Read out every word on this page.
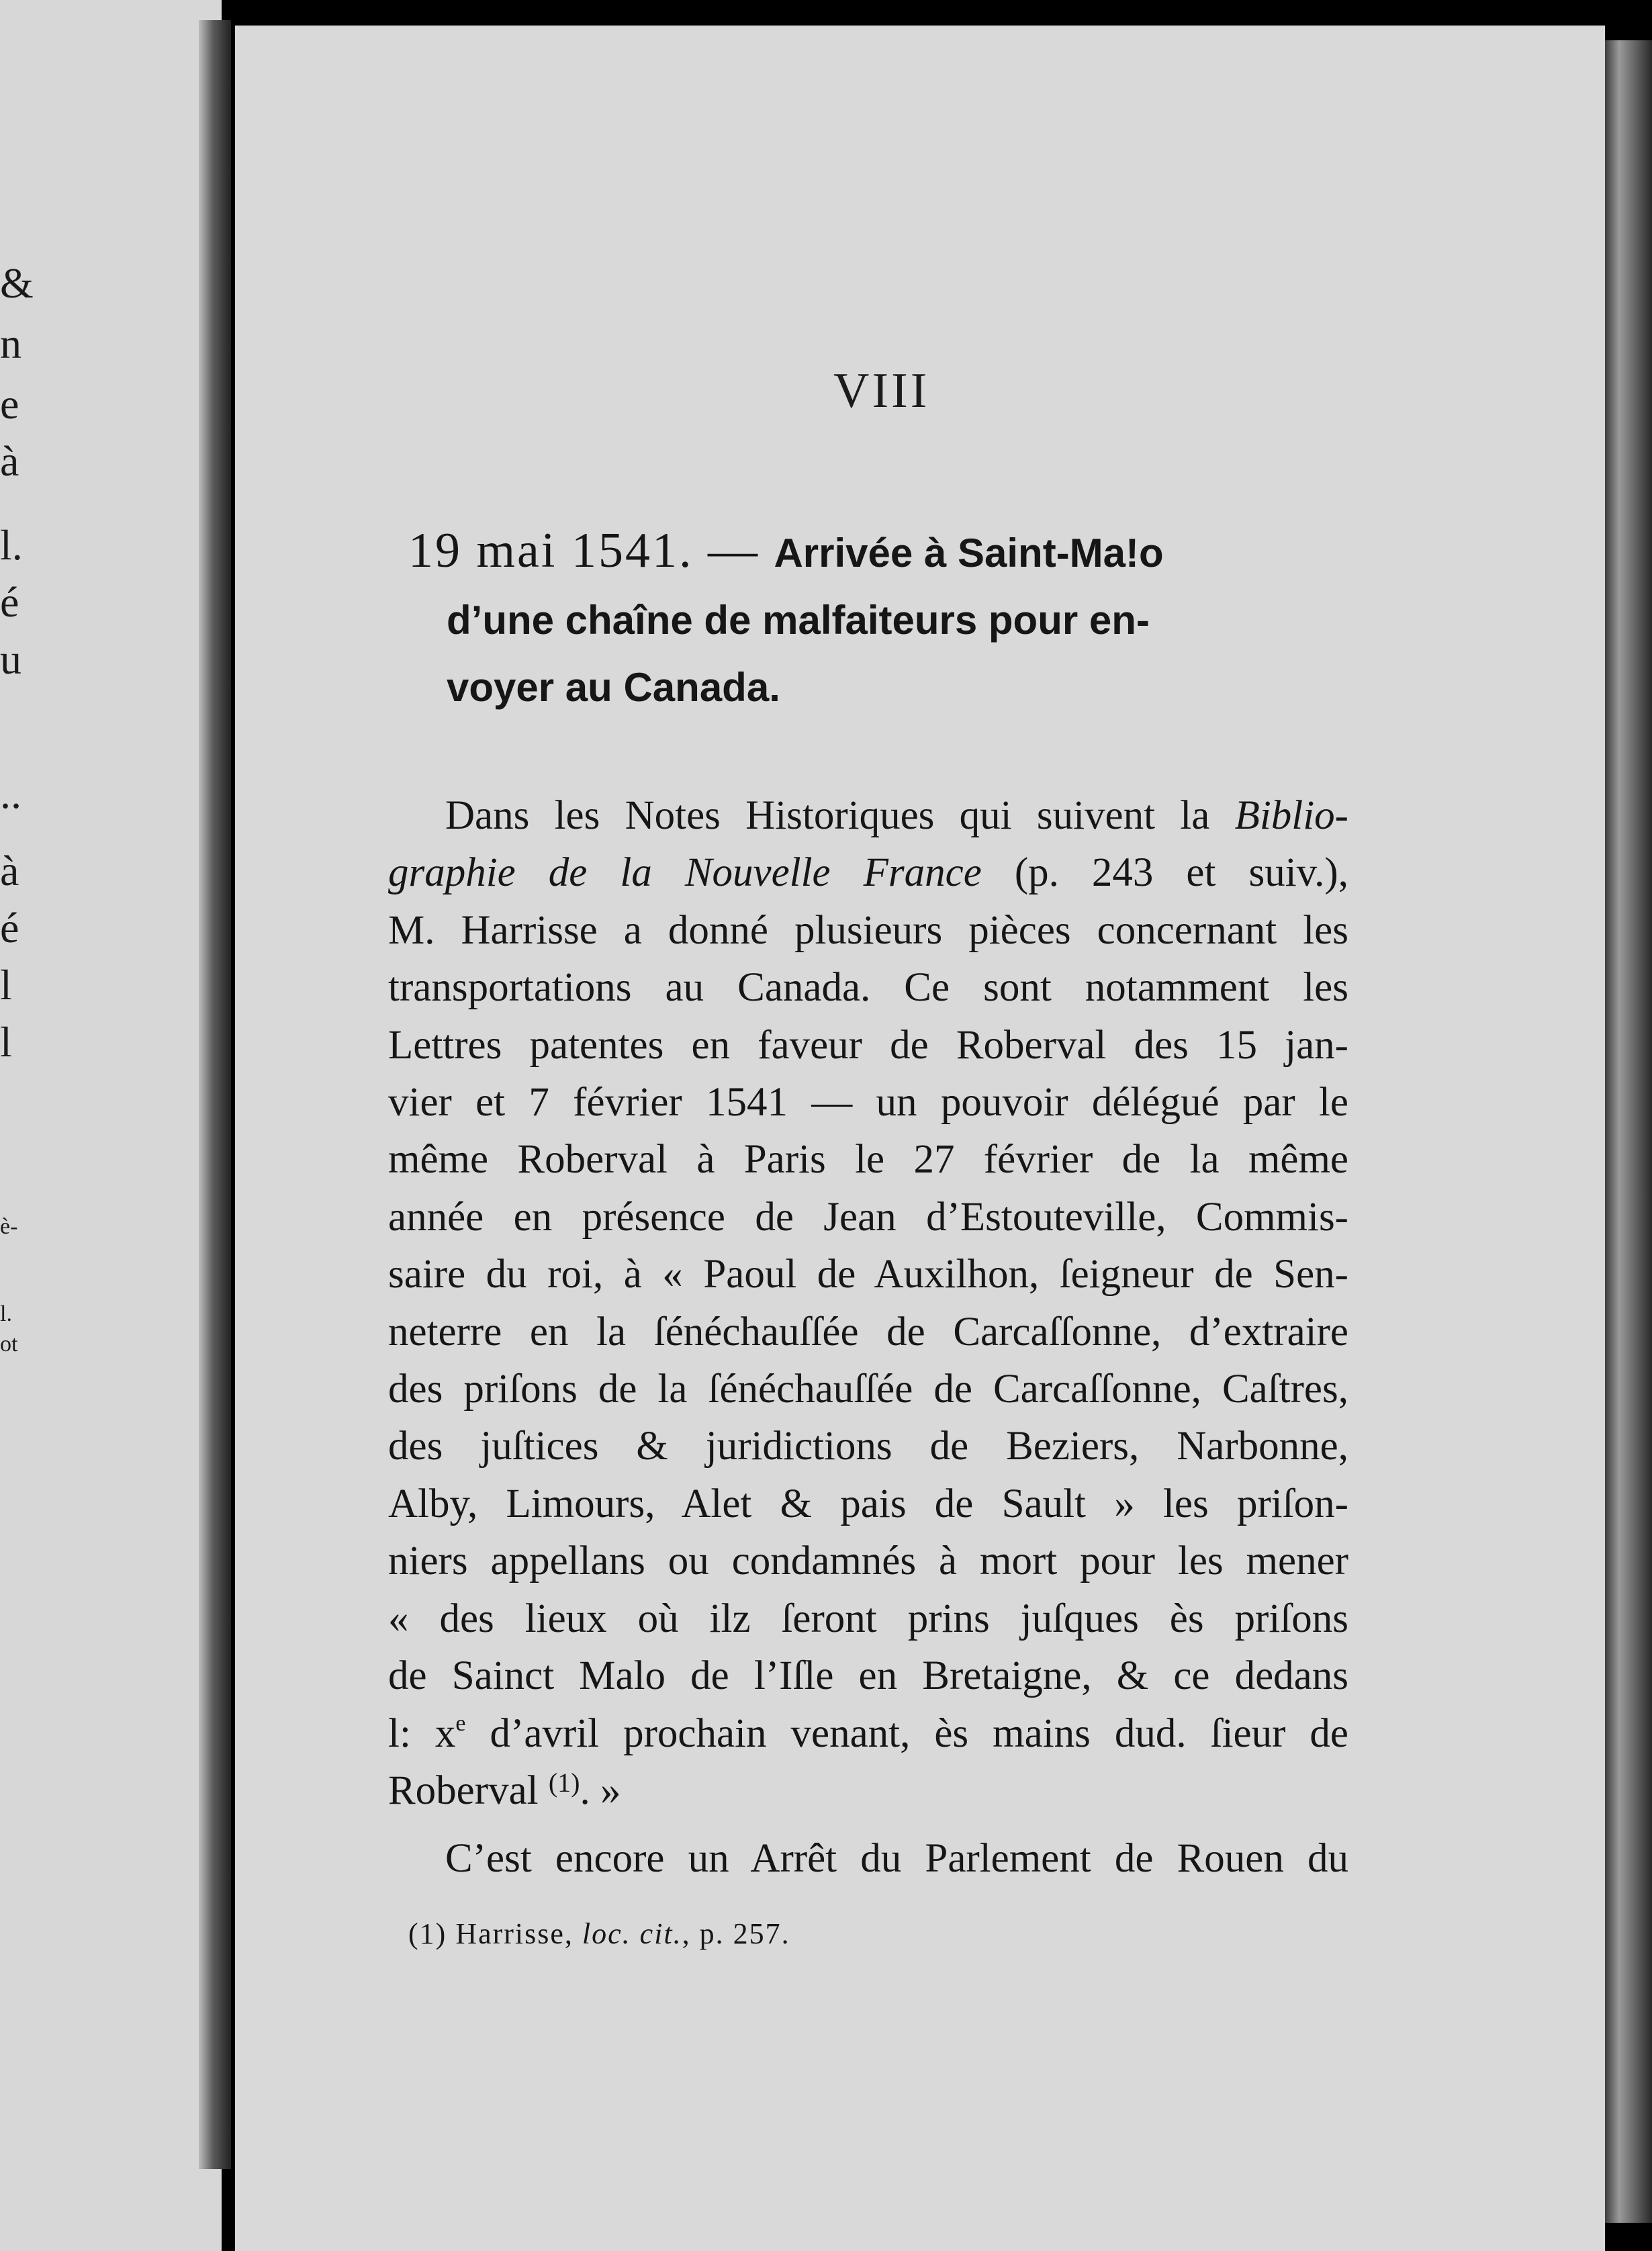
&
n
e
à
l.
é
u
..
à
é
l
l
è-
l.
ot
VIII
19 mai 1541. — Arrivée à Saint-Ma!o
d’une chaîne de malfaiteurs pour en-
voyer au Canada.
Dans les Notes Historiques qui suivent la Biblio-
graphie de la Nouvelle France (p. 243 et suiv.),
M. Harrisse a donné plusieurs pièces concernant les
transportations au Canada. Ce sont notamment les
Lettres patentes en faveur de Roberval des 15 jan-
vier et 7 février 1541 — un pouvoir délégué par le
même Roberval à Paris le 27 février de la même
année en présence de Jean d’Estouteville, Commis-
saire du roi, à « Paoul de Auxilhon, ſeigneur de Sen-
neterre en la ſénéchauſſée de Carcaſſonne, d’extraire
des priſons de la ſénéchauſſée de Carcaſſonne, Caſtres,
des juſtices & juridictions de Beziers, Narbonne,
Alby, Limours, Alet & pais de Sault » les priſon-
niers appellans ou condamnés à mort pour les mener
« des lieux où ilz ſeront prins juſques ès priſons
de Sainct Malo de l’Iſle en Bretaigne, & ce dedans
l: $x^e$ d’avril prochain venant, ès mains dud. ſieur de
Roberval $^{(1)}$. »
C’est encore un Arrêt du Parlement de Rouen du
(1) Harrisse, loc. cit., p. 257.
